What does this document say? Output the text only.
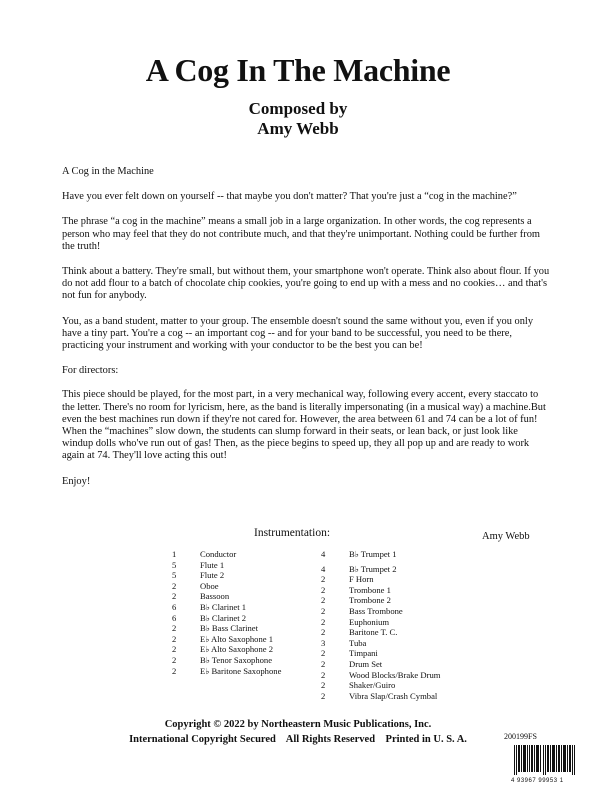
A Cog In The Machine
Composed by
Amy Webb

A Cog in the Machine

Have you ever felt down on yourself -- that maybe you don't matter? That you're just a “cog in the machine?”

The phrase “a cog in the machine” means a small job in a large organization. In other words, the cog represents a person who may feel that they do not contribute much, and that they're unimportant. Nothing could be further from the truth!

Think about a battery. They're small, but without them, your smartphone won't operate. Think also about flour. If you do not add flour to a batch of chocolate chip cookies, you're going to end up with a mess and no cookies… and that's not fun for anybody.

You, as a band student, matter to your group. The ensemble doesn't sound the same without you, even if you only have a tiny part. You're a cog -- an important cog -- and for your band to be successful, you need to be there, practicing your instrument and working with your conductor to be the best you can be!

For directors:

This piece should be played, for the most part, in a very mechanical way, following every accent, every staccato to the letter. There's no room for lyricism, here, as the band is literally impersonating (in a musical way) a machine.But even the best machines run down if they're not cared for. However, the area between 61 and 74 can be a lot of fun! When the “machines” slow down, the students can slump forward in their seats, or lean back, or just look like windup dolls who've run out of gas! Then, as the piece begins to speed up, they all pop up and are ready to work again at 74. They'll love acting this out!

Enjoy!

Instrumentation:	Amy Webb
1	Conductor
5	Flute 1
5	Flute 2
2	Oboe
2	Bassoon
6	B♭ Clarinet 1
6	B♭ Clarinet 2
2	B♭ Bass Clarinet
2	E♭ Alto Saxophone 1
2	E♭ Alto Saxophone 2
2	B♭ Tenor Saxophone
2	E♭ Baritone Saxophone
4	B♭ Trumpet 1
4	B♭ Trumpet 2
2	F Horn
2	Trombone 1
2	Trombone 2
2	Bass Trombone
2	Euphonium
2	Baritone T. C.
3	Tuba
2	Timpani
2	Drum Set
2	Wood Blocks/Brake Drum
2	Shaker/Guiro
2	Vibra Slap/Crash Cymbal
Copyright © 2022 by Northeastern Music Publications, Inc.
International Copyright Secured    All Rights Reserved    Printed in U. S. A.	200199FS
4 93967 99953 1
